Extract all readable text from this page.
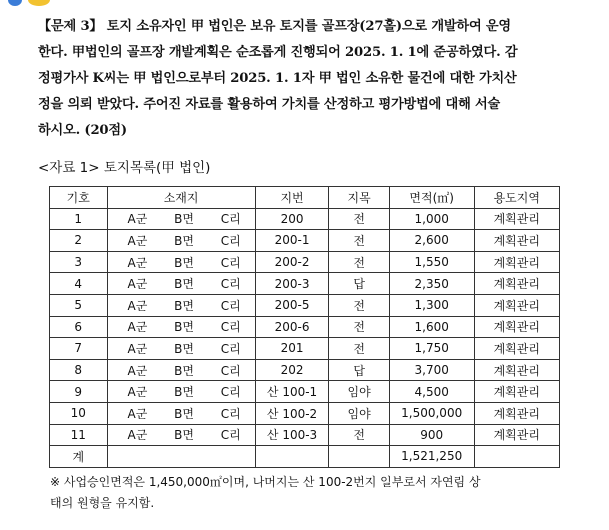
【문제 3】 토지 소유자인 甲 법인은 보유 토지를 골프장(27홀)으로 개발하여 운영
한다. 甲법인의 골프장 개발계획은 순조롭게 진행되어 2025. 1. 1에 준공하였다. 감
정평가사 K씨는 甲 법인으로부터 2025. 1. 1자 甲 법인 소유한 물건에 대한 가치산
정을 의뢰 받았다. 주어진 자료를 활용하여 가치를 산정하고 평가방법에 대해 서술
하시오. (20점)
<자료 1> 토지목록(甲 법인)
기호	소재지	지번	지목	면적(㎡)	용도지역
1	A군 B면 C리	200	전	1,000	계획관리
2	A군 B면 C리	200-1	전	2,600	계획관리
3	A군 B면 C리	200-2	전	1,550	계획관리
4	A군 B면 C리	200-3	답	2,350	계획관리
5	A군 B면 C리	200-5	전	1,300	계획관리
6	A군 B면 C리	200-6	전	1,600	계획관리
7	A군 B면 C리	201	전	1,750	계획관리
8	A군 B면 C리	202	답	3,700	계획관리
9	A군 B면 C리	산 100-1	임야	4,500	계획관리
10	A군 B면 C리	산 100-2	임야	1,500,000	계획관리
11	A군 B면 C리	산 100-3	전	900	계획관리
계				1,521,250	
※ 사업승인면적은 1,450,000㎡이며, 나머지는 산 100-2번지 일부로서 자연림 상
태의 원형을 유지함.
